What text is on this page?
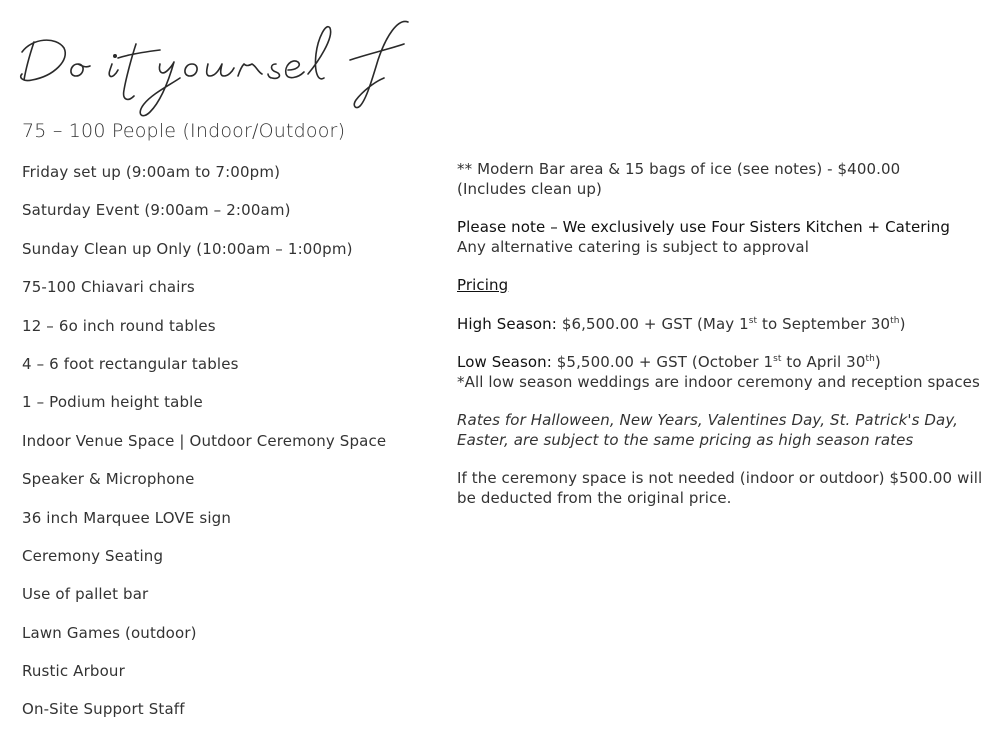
75 – 100 People (Indoor/Outdoor)
Friday set up (9:00am to 7:00pm)
Saturday Event (9:00am – 2:00am)
Sunday Clean up Only (10:00am – 1:00pm)
75-100 Chiavari chairs
12 – 6o inch round tables
4 – 6 foot rectangular tables
1 – Podium height table
Indoor Venue Space | Outdoor Ceremony Space
Speaker & Microphone
36 inch Marquee LOVE sign
Ceremony Seating
Use of pallet bar
Lawn Games (outdoor)
Rustic Arbour
On-Site Support Staff

** Modern Bar area & 15 bags of ice (see notes) - $400.00

(Includes clean up)

Please note – We exclusively use Four Sisters Kitchen + Catering

Any alternative catering is subject to approval

Pricing

High Season: $6,500.00 + GST (May 1st to September 30th)

Low Season: $5,500.00 + GST (October 1st to April 30th)

*All low season weddings are indoor ceremony and reception spaces

Rates for Halloween, New Years, Valentines Day, St. Patrick's Day, Easter, are subject to the same pricing as high season rates

If the ceremony space is not needed (indoor or outdoor) $500.00 will be deducted from the original price.
